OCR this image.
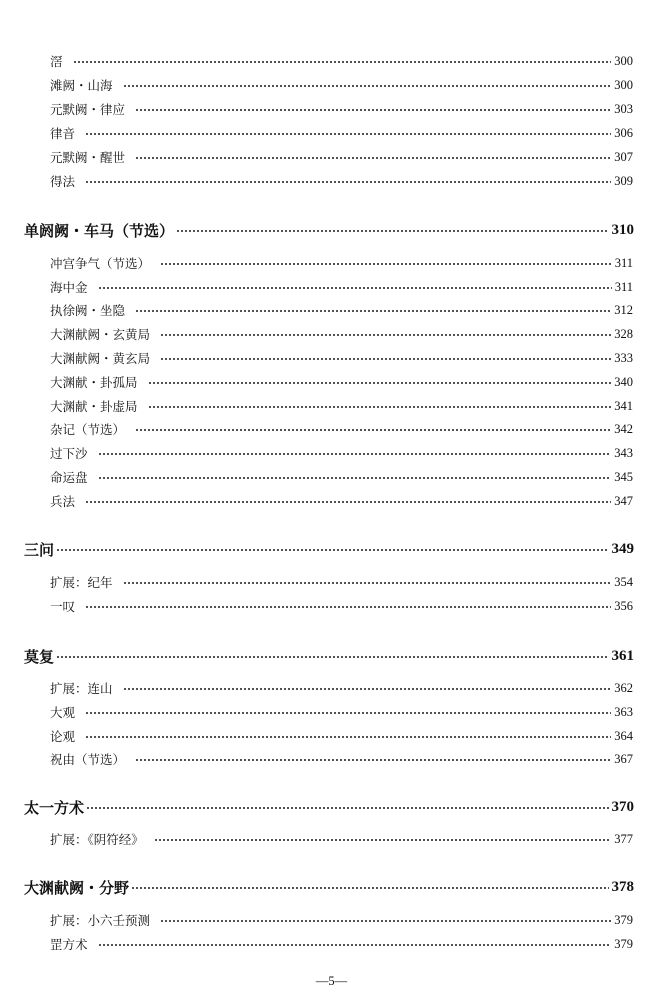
滘	300
滩阙・山海	300
元默阙・律应	303
律音	306
元默阙・醒世	307
得法	309
单阏阙・车马（节选）	310
冲宫争气（节选）	311
海中金	311
执徐阙・坐隐	312
大渊献阙・玄黄局	328
大渊献阙・黄玄局	333
大渊献・卦孤局	340
大渊献・卦虚局	341
杂记（节选）	342
过下沙	343
命运盘	345
兵法	347
三问	349
扩展：纪年	354
一叹	356
莫复	361
扩展：连山	362
大观	363
论观	364
祝由（节选）	367
太一方术	370
扩展：《阴符经》	377
大渊献阙・分野	378
扩展：小六壬预测	379
罡方术	379
—5—
